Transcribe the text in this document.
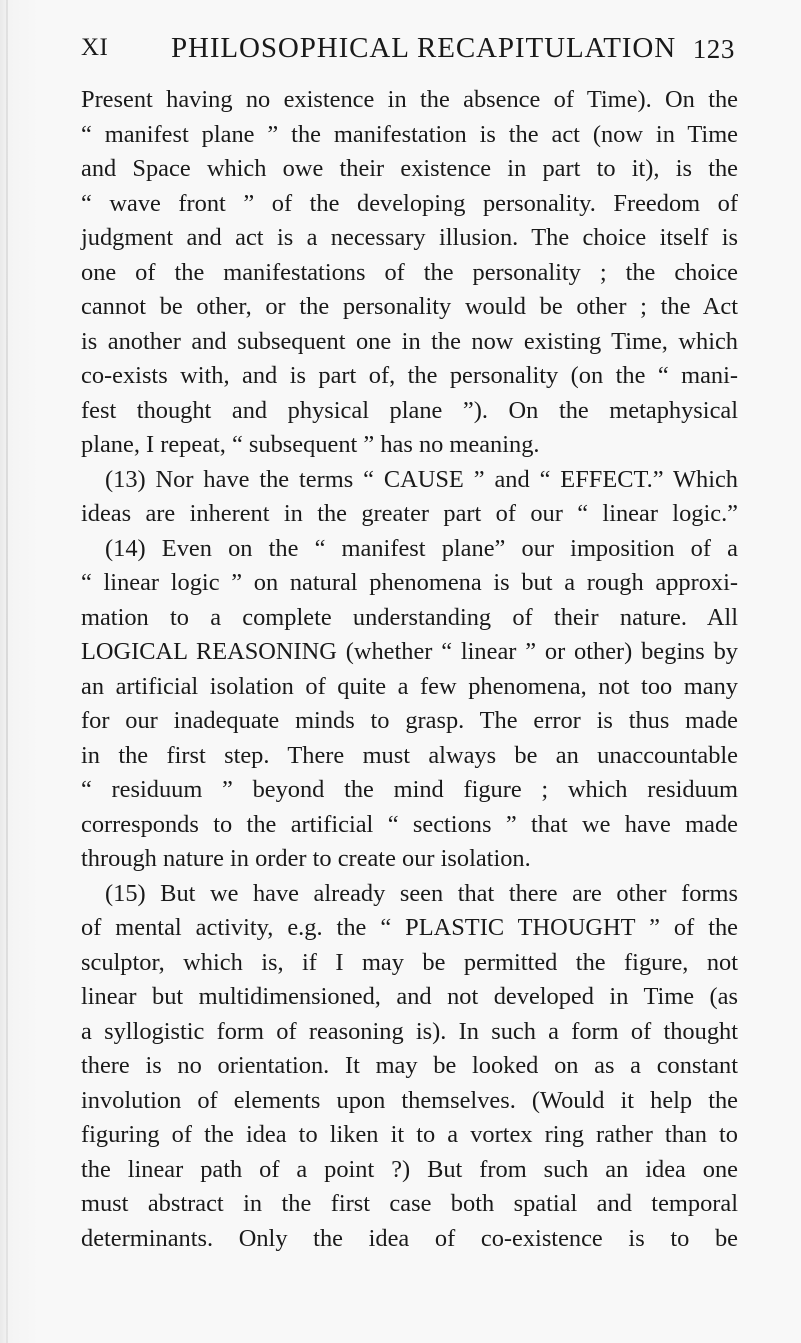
XI PHILOSOPHICAL RECAPITULATION 123
Present having no existence in the absence of Time). On the
“ manifest plane ” the manifestation is the act (now in Time
and Space which owe their existence in part to it), is the
“ wave front ” of the developing personality. Freedom of
judgment and act is a necessary illusion. The choice itself is
one of the manifestations of the personality ; the choice
cannot be other, or the personality would be other ; the Act
is another and subsequent one in the now existing Time, which
co-exists with, and is part of, the personality (on the “ mani-
fest thought and physical plane ”). On the metaphysical
plane, I repeat, “ subsequent ” has no meaning.
(13) Nor have the terms “ CAUSE ” and “ EFFECT.” Which
ideas are inherent in the greater part of our “ linear logic.”
(14) Even on the “ manifest plane” our imposition of a
“ linear logic ” on natural phenomena is but a rough approxi-
mation to a complete understanding of their nature. All
LOGICAL REASONING (whether “ linear ” or other) begins by
an artificial isolation of quite a few phenomena, not too many
for our inadequate minds to grasp. The error is thus made
in the first step. There must always be an unaccountable
“ residuum ” beyond the mind figure ; which residuum
corresponds to the artificial “ sections ” that we have made
through nature in order to create our isolation.
(15) But we have already seen that there are other forms
of mental activity, e.g. the “ PLASTIC THOUGHT ” of the
sculptor, which is, if I may be permitted the figure, not
linear but multidimensioned, and not developed in Time (as
a syllogistic form of reasoning is). In such a form of thought
there is no orientation. It may be looked on as a constant
involution of elements upon themselves. (Would it help the
figuring of the idea to liken it to a vortex ring rather than to
the linear path of a point ?) But from such an idea one
must abstract in the first case both spatial and temporal
determinants. Only the idea of co-existence is to be
